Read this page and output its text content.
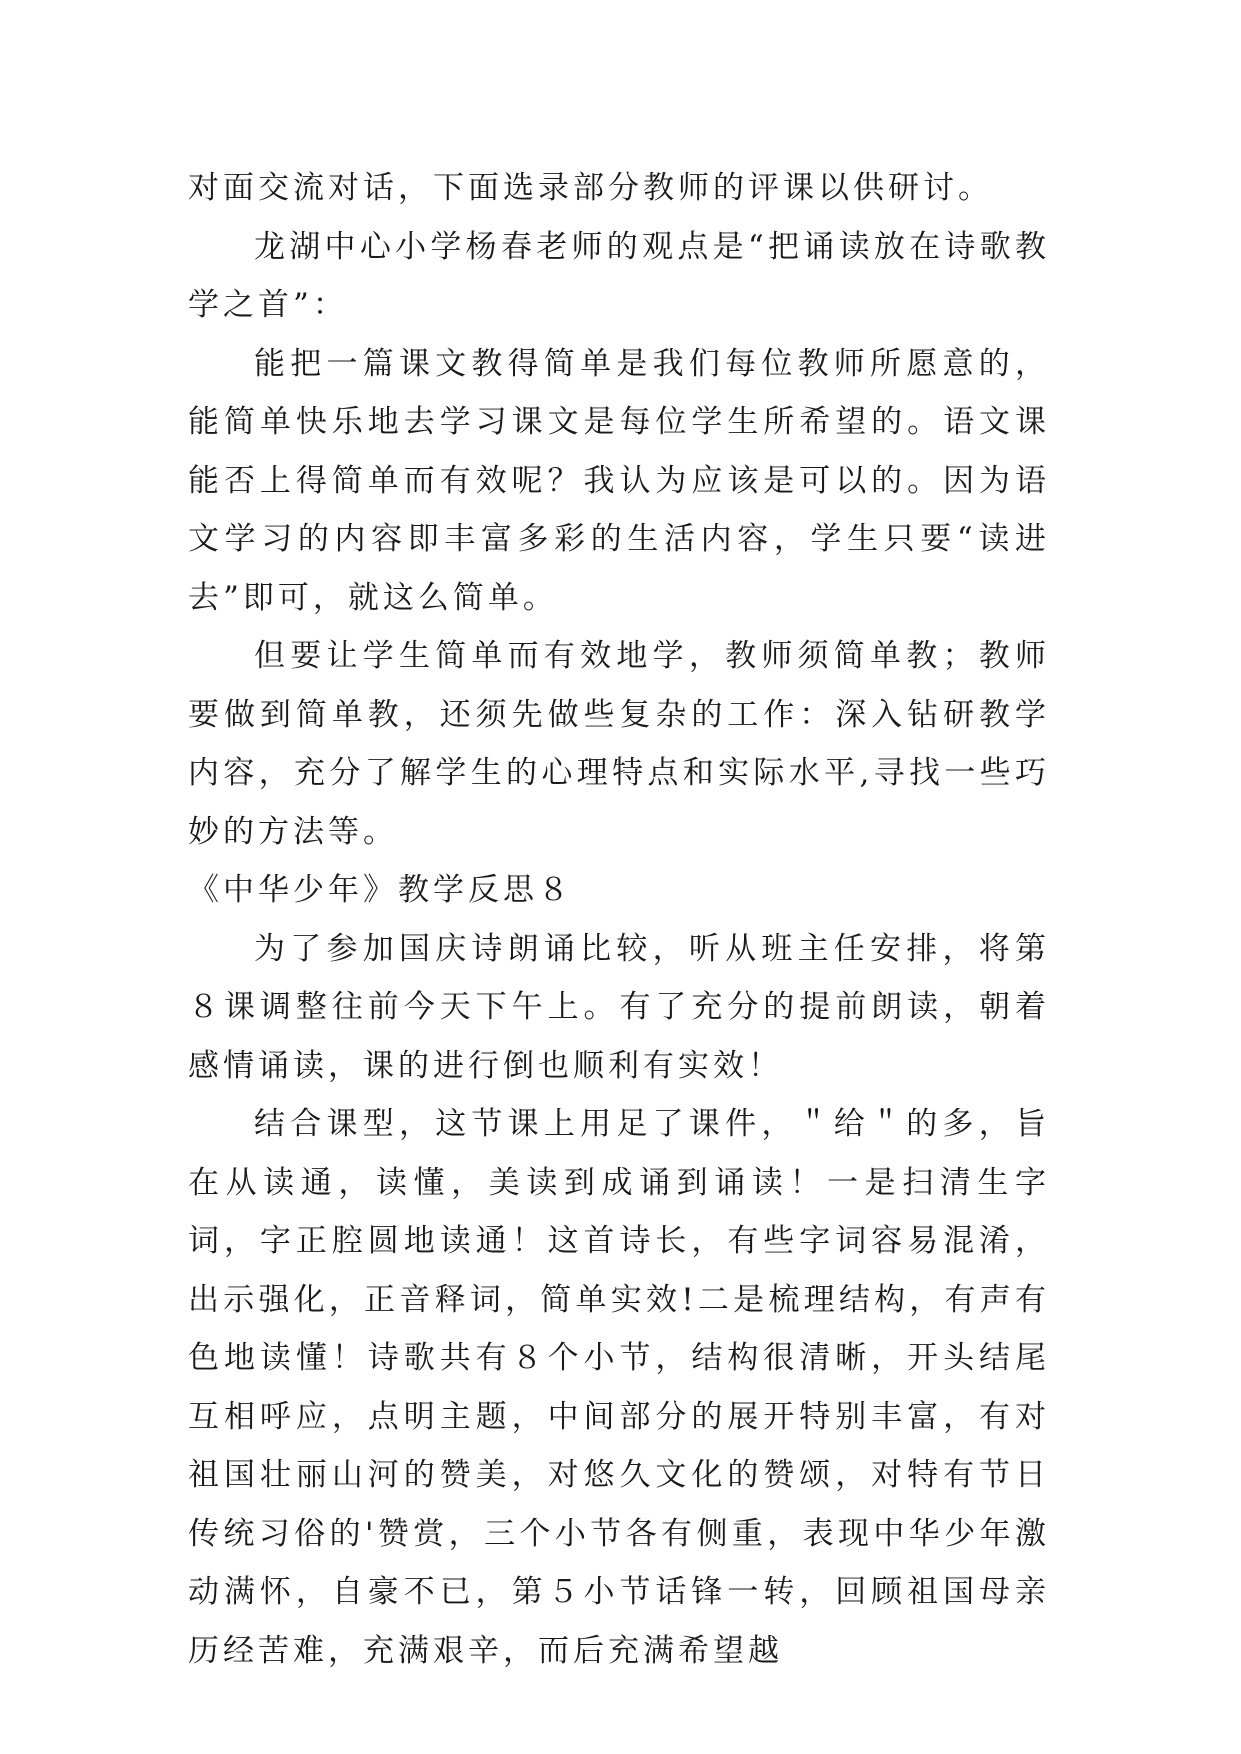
对面交流对话，下面选录部分教师的评课以供研讨。

龙湖中心小学杨春老师的观点是“把诵读放在诗歌教学之首”：

能把一篇课文教得简单是我们每位教师所愿意的，能简单快乐地去学习课文是每位学生所希望的。语文课能否上得简单而有效呢？我认为应该是可以的。因为语文学习的内容即丰富多彩的生活内容，学生只要“读进去”即可，就这么简单。

但要让学生简单而有效地学，教师须简单教；教师要做到简单教，还须先做些复杂的工作：深入钻研教学内容，充分了解学生的心理特点和实际水平,寻找一些巧妙的方法等。

《中华少年》教学反思８

为了参加国庆诗朗诵比较，听从班主任安排，将第８课调整往前今天下午上。有了充分的提前朗读，朝着感情诵读，课的进行倒也顺利有实效！

结合课型，这节课上用足了课件，＂给＂的多，旨在从读通，读懂，美读到成诵到诵读！一是扫清生字词，字正腔圆地读通！这首诗长，有些字词容易混淆，出示强化，正音释词，简单实效!二是梳理结构，有声有色地读懂！诗歌共有８个小节，结构很清晰，开头结尾互相呼应，点明主题，中间部分的展开特别丰富，有对祖国壮丽山河的赞美，对悠久文化的赞颂，对特有节日传统习俗的'赞赏，三个小节各有侧重，表现中华少年激动满怀，自豪不已，第５小节话锋一转，回顾祖国母亲历经苦难，充满艰辛，而后充满希望越
